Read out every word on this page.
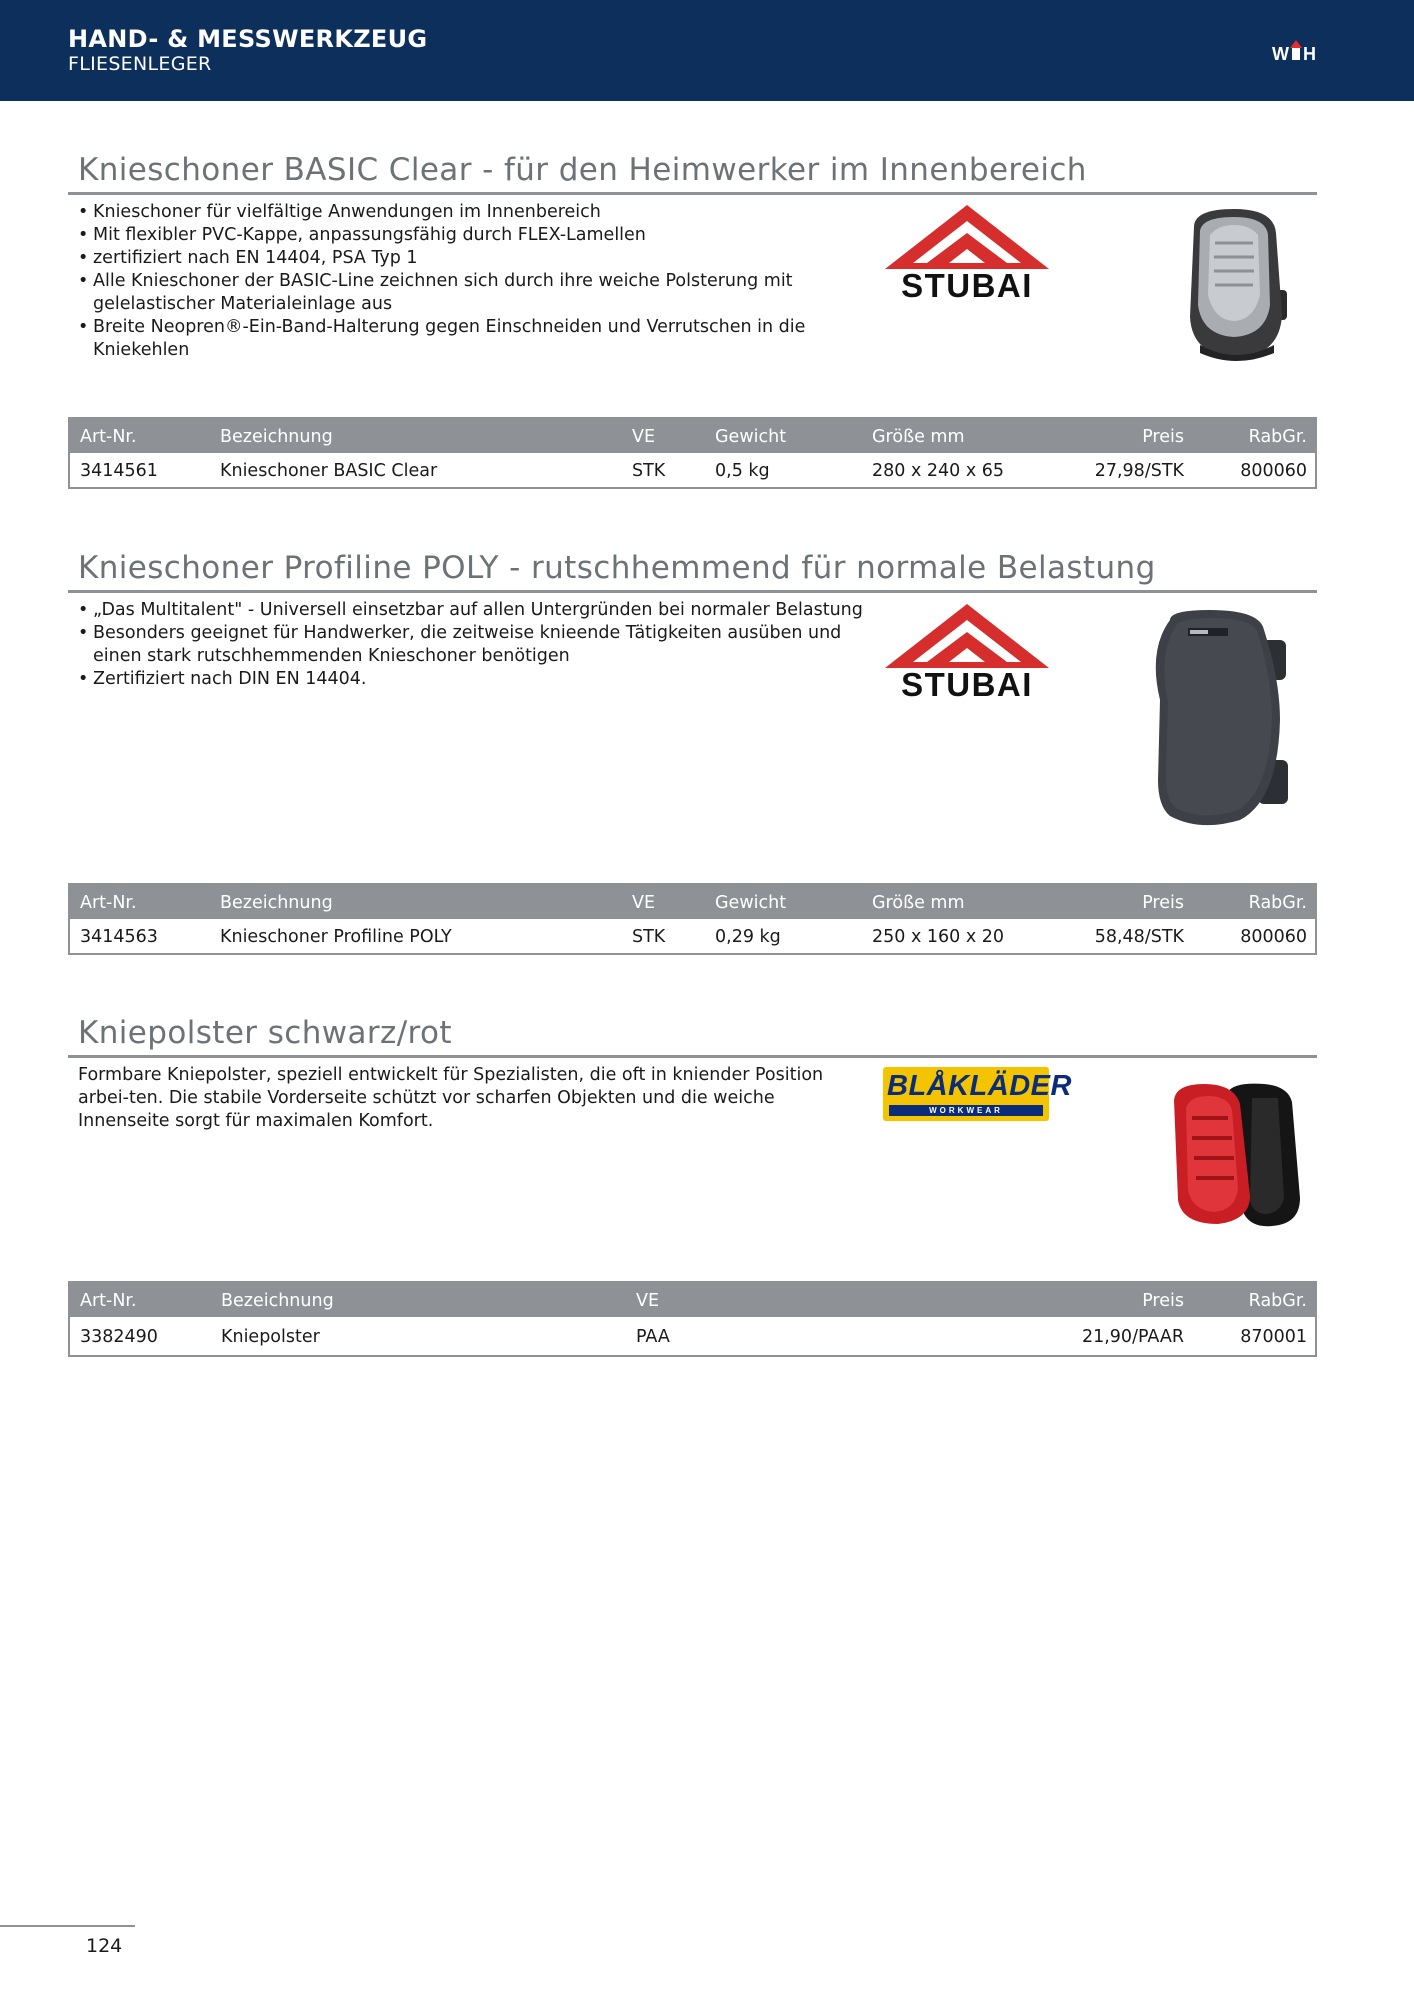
HAND- & MESSWERKZEUG
FLIESENLEGER	W H
Knieschoner BASIC Clear - für den Heimwerker im Innenbereich
• Knieschoner für vielfältige Anwendungen im Innenbereich
• Mit flexibler PVC-Kappe, anpassungsfähig durch FLEX-Lamellen
• zertifiziert nach EN 14404, PSA Typ 1
• Alle Knieschoner der BASIC-Line zeichnen sich durch ihre weiche Polsterung mit gelelastischer Materialeinlage aus
• Breite Neopren®-Ein-Band-Halterung gegen Einschneiden und Verrutschen in die Kniekehlen
STUBAI
Art-Nr.	Bezeichnung	VE	Gewicht	Größe mm	Preis	RabGr.
3414561	Knieschoner BASIC Clear	STK	0,5 kg	280 x 240 x 65	27,98/STK	800060
Knieschoner Profiline POLY - rutschhemmend für normale Belastung
• „Das Multitalent" - Universell einsetzbar auf allen Untergründen bei normaler Belastung
• Besonders geeignet für Handwerker, die zeitweise knieende Tätigkeiten ausüben und einen stark rutschhemmenden Knieschoner benötigen
• Zertifiziert nach DIN EN 14404.	STUBAI
Art-Nr.	Bezeichnung	VE	Gewicht	Größe mm	Preis	RabGr.
3414563	Knieschoner Profiline POLY	STK	0,29 kg	250 x 160 x 20	58,48/STK	800060
Kniepolster schwarz/rot
Formbare Kniepolster, speziell entwickelt für Spezialisten, die oft in kniender Position arbei-ten. Die stabile Vorderseite schützt vor scharfen Objekten und die weiche Innenseite sorgt für maximalen Komfort.
BLÅKLÄDER
WORKWEAR
Art-Nr.	Bezeichnung	VE	Preis	RabGr.
3382490	Kniepolster	PAA	21,90/PAAR	870001
124
